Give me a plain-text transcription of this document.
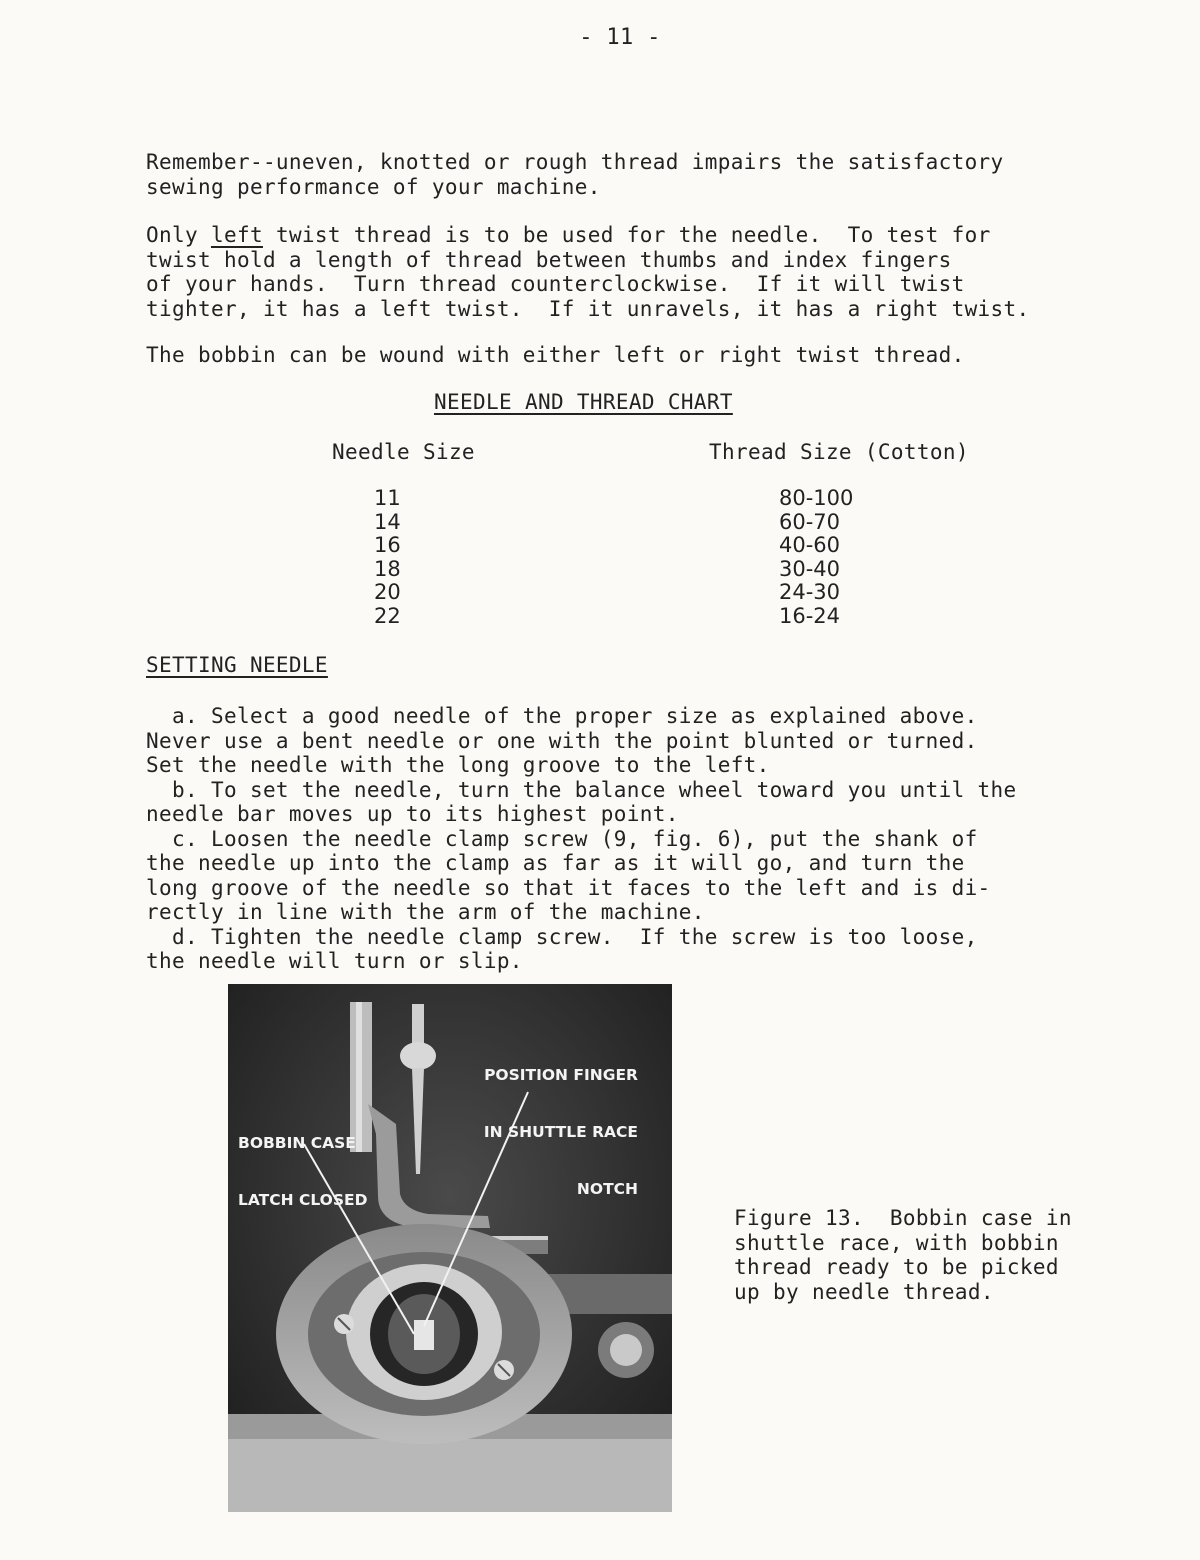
- 11 -
Remember--uneven, knotted or rough thread impairs the satisfactory
sewing performance of your machine.
Only left twist thread is to be used for the needle.  To test for
twist hold a length of thread between thumbs and index fingers
of your hands.  Turn thread counterclockwise.  If it will twist
tighter, it has a left twist.  If it unravels, it has a right twist.
The bobbin can be wound with either left or right twist thread.
NEEDLE AND THREAD CHART
Needle Size	Thread Size (Cotton)
11
14
16
18
20
22
80-100
60-70
40-60
30-40
24-30
16-24
SETTING NEEDLE
a. Select a good needle of the proper size as explained above.
Never use a bent needle or one with the point blunted or turned.
Set the needle with the long groove to the left.
b. To set the needle, turn the balance wheel toward you until the
needle bar moves up to its highest point.
c. Loosen the needle clamp screw (9, fig. 6), put the shank of
the needle up into the clamp as far as it will go, and turn the
long groove of the needle so that it faces to the left and is di-
rectly in line with the arm of the machine.
d. Tighten the needle clamp screw.  If the screw is too loose,
the needle will turn or slip.

BOBBIN CASE

LATCH CLOSED

POSITION FINGER

IN SHUTTLE RACE

NOTCH

Figure 13.  Bobbin case in
shuttle race, with bobbin
thread ready to be picked
up by needle thread.
